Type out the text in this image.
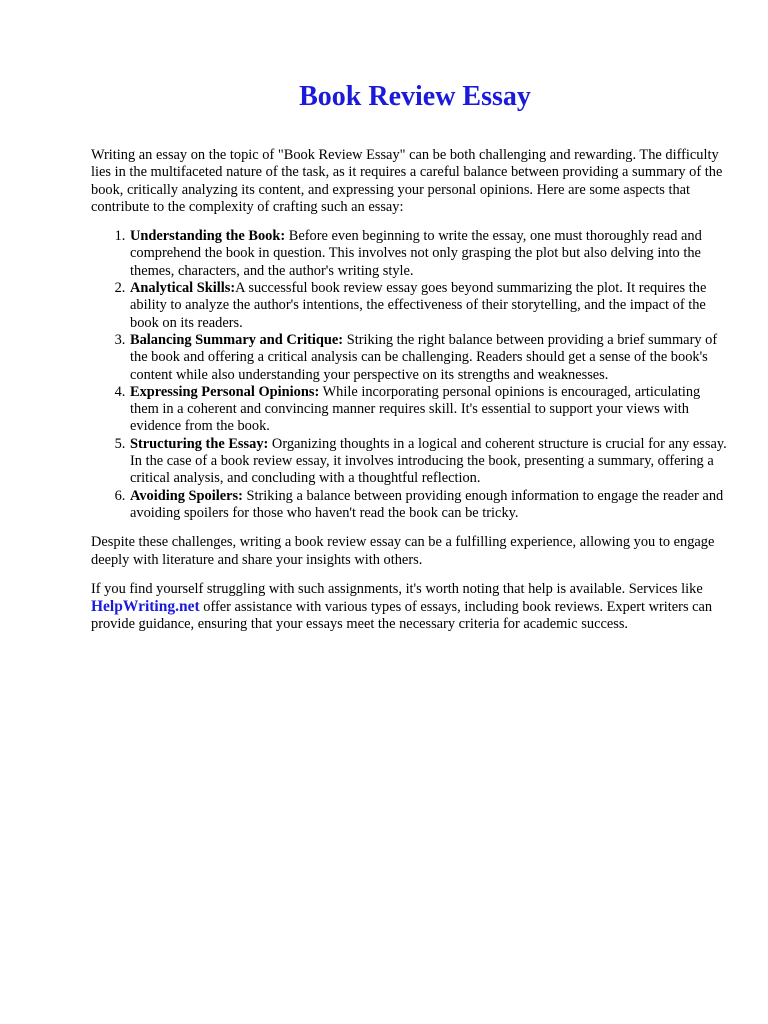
Book Review Essay

Writing an essay on the topic of "Book Review Essay" can be both challenging and rewarding. The difficulty lies in the multifaceted nature of the task, as it requires a careful balance between providing a summary of the book, critically analyzing its content, and expressing your personal opinions. Here are some aspects that contribute to the complexity of crafting such an essay:

1. Understanding the Book: Before even beginning to write the essay, one must thoroughly read and comprehend the book in question. This involves not only grasping the plot but also delving into the themes, characters, and the author's writing style.
2. Analytical Skills:A successful book review essay goes beyond summarizing the plot. It requires the ability to analyze the author's intentions, the effectiveness of their storytelling, and the impact of the book on its readers.
3. Balancing Summary and Critique: Striking the right balance between providing a brief summary of the book and offering a critical analysis can be challenging. Readers should get a sense of the book's content while also understanding your perspective on its strengths and weaknesses.
4. Expressing Personal Opinions: While incorporating personal opinions is encouraged, articulating them in a coherent and convincing manner requires skill. It's essential to support your views with evidence from the book.
5. Structuring the Essay: Organizing thoughts in a logical and coherent structure is crucial for any essay. In the case of a book review essay, it involves introducing the book, presenting a summary, offering a critical analysis, and concluding with a thoughtful reflection.
6. Avoiding Spoilers: Striking a balance between providing enough information to engage the reader and avoiding spoilers for those who haven't read the book can be tricky.

Despite these challenges, writing a book review essay can be a fulfilling experience, allowing you to engage deeply with literature and share your insights with others.

If you find yourself struggling with such assignments, it's worth noting that help is available. Services like HelpWriting.net offer assistance with various types of essays, including book reviews. Expert writers can provide guidance, ensuring that your essays meet the necessary criteria for academic success.
